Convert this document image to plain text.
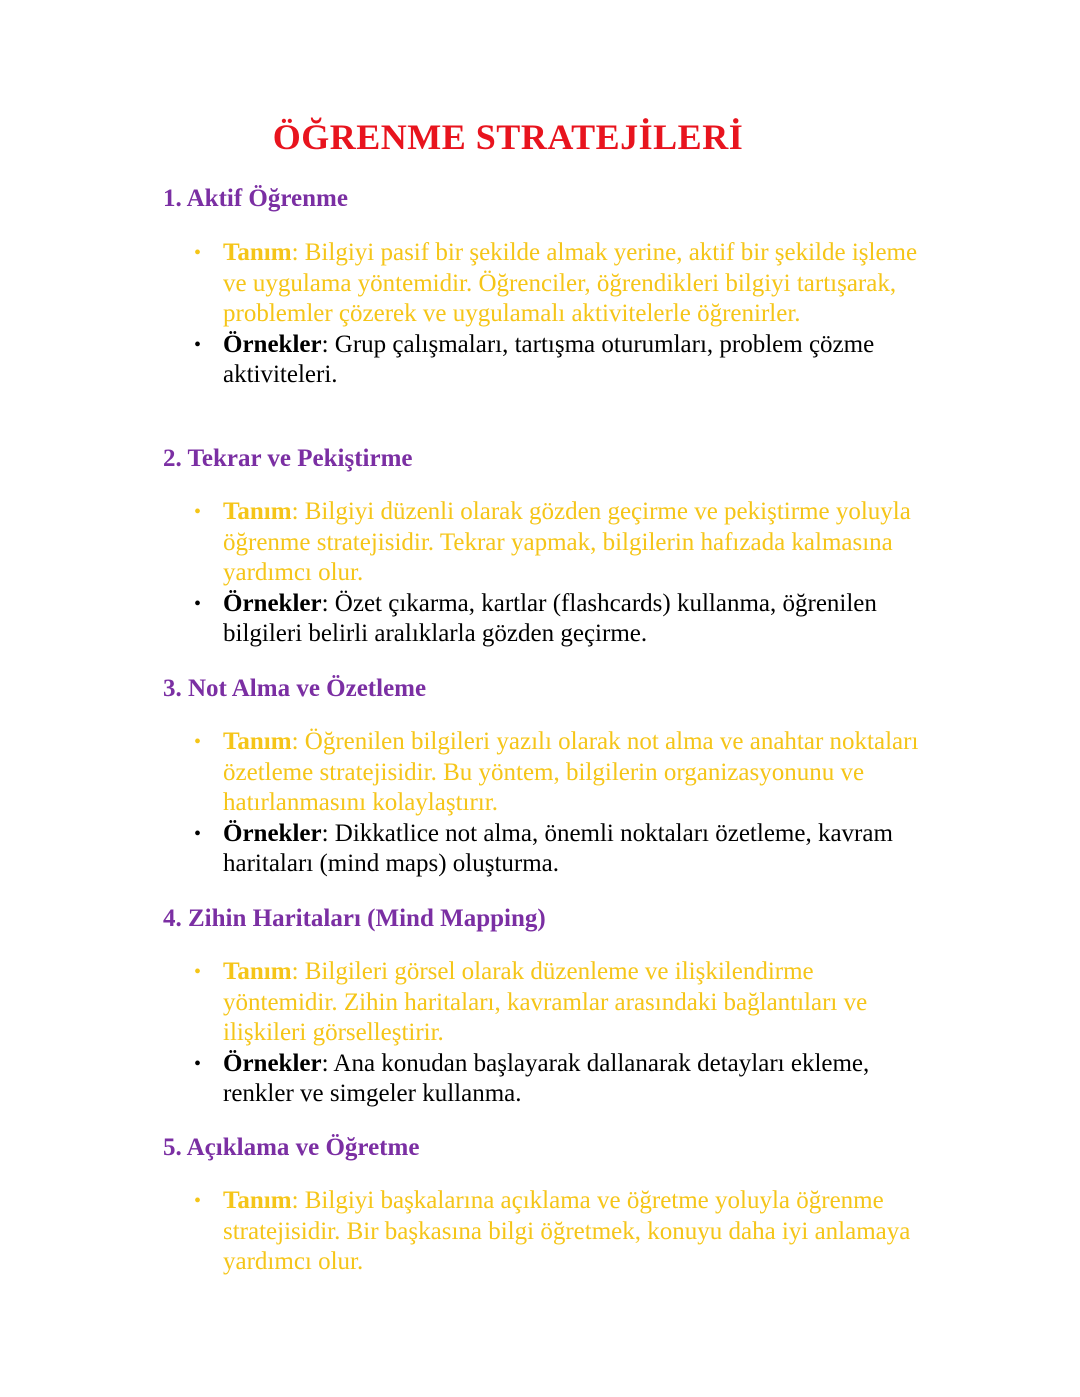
ÖĞRENME STRATEJİLERİ
1. Aktif Öğrenme
• Tanım: Bilgiyi pasif bir şekilde almak yerine, aktif bir şekilde işleme ve uygulama yöntemidir. Öğrenciler, öğrendikleri bilgiyi tartışarak, problemler çözerek ve uygulamalı aktivitelerle öğrenirler.
• Örnekler: Grup çalışmaları, tartışma oturumları, problem çözme aktiviteleri.
2. Tekrar ve Pekiştirme
• Tanım: Bilgiyi düzenli olarak gözden geçirme ve pekiştirme yoluyla öğrenme stratejisidir. Tekrar yapmak, bilgilerin hafızada kalmasına yardımcı olur.
• Örnekler: Özet çıkarma, kartlar (flashcards) kullanma, öğrenilen bilgileri belirli aralıklarla gözden geçirme.
3. Not Alma ve Özetleme
• Tanım: Öğrenilen bilgileri yazılı olarak not alma ve anahtar noktaları özetleme stratejisidir. Bu yöntem, bilgilerin organizasyonunu ve hatırlanmasını kolaylaştırır.
• Örnekler: Dikkatlice not alma, önemli noktaları özetleme, kavram haritaları (mind maps) oluşturma.
4. Zihin Haritaları (Mind Mapping)
• Tanım: Bilgileri görsel olarak düzenleme ve ilişkilendirme yöntemidir. Zihin haritaları, kavramlar arasındaki bağlantıları ve ilişkileri görselleştirir.
• Örnekler: Ana konudan başlayarak dallanarak detayları ekleme, renkler ve simgeler kullanma.
5. Açıklama ve Öğretme
• Tanım: Bilgiyi başkalarına açıklama ve öğretme yoluyla öğrenme stratejisidir. Bir başkasına bilgi öğretmek, konuyu daha iyi anlamaya yardımcı olur.
